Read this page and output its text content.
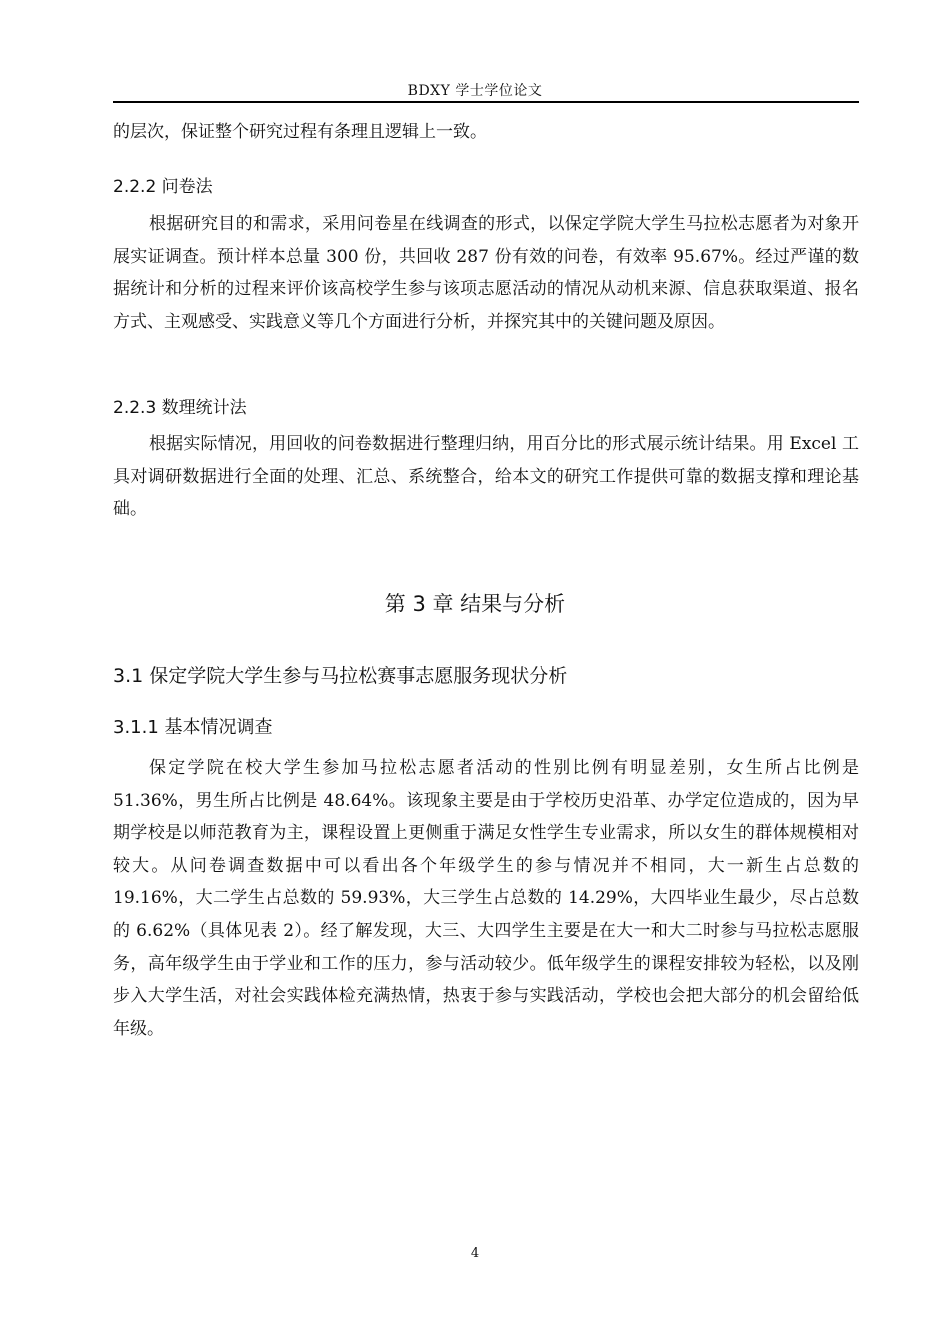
BDXY 学士学位论文
的层次，保证整个研究过程有条理且逻辑上一致。
2.2.2 问卷法
根据研究目的和需求，采用问卷星在线调查的形式，以保定学院大学生马拉松志愿者为对象开展实证调查。预计样本总量 300 份，共回收 287 份有效的问卷，有效率 95.67%。经过严谨的数据统计和分析的过程来评价该高校学生参与该项志愿活动的情况从动机来源、信息获取渠道、报名方式、主观感受、实践意义等几个方面进行分析，并探究其中的关键问题及原因。
2.2.3 数理统计法
根据实际情况，用回收的问卷数据进行整理归纳，用百分比的形式展示统计结果。用 Excel 工具对调研数据进行全面的处理、汇总、系统整合，给本文的研究工作提供可靠的数据支撑和理论基础。
第 3 章 结果与分析
3.1 保定学院大学生参与马拉松赛事志愿服务现状分析
3.1.1 基本情况调查
保定学院在校大学生参加马拉松志愿者活动的性别比例有明显差别，女生所占比例是 51.36%，男生所占比例是 48.64%。该现象主要是由于学校历史沿革、办学定位造成的，因为早期学校是以师范教育为主，课程设置上更侧重于满足女性学生专业需求，所以女生的群体规模相对较大。从问卷调查数据中可以看出各个年级学生的参与情况并不相同，大一新生占总数的 19.16%，大二学生占总数的 59.93%，大三学生占总数的 14.29%，大四毕业生最少，尽占总数的 6.62%（具体见表 2）。经了解发现，大三、大四学生主要是在大一和大二时参与马拉松志愿服务，高年级学生由于学业和工作的压力，参与活动较少。低年级学生的课程安排较为轻松，以及刚步入大学生活，对社会实践体检充满热情，热衷于参与实践活动，学校也会把大部分的机会留给低年级。
4
